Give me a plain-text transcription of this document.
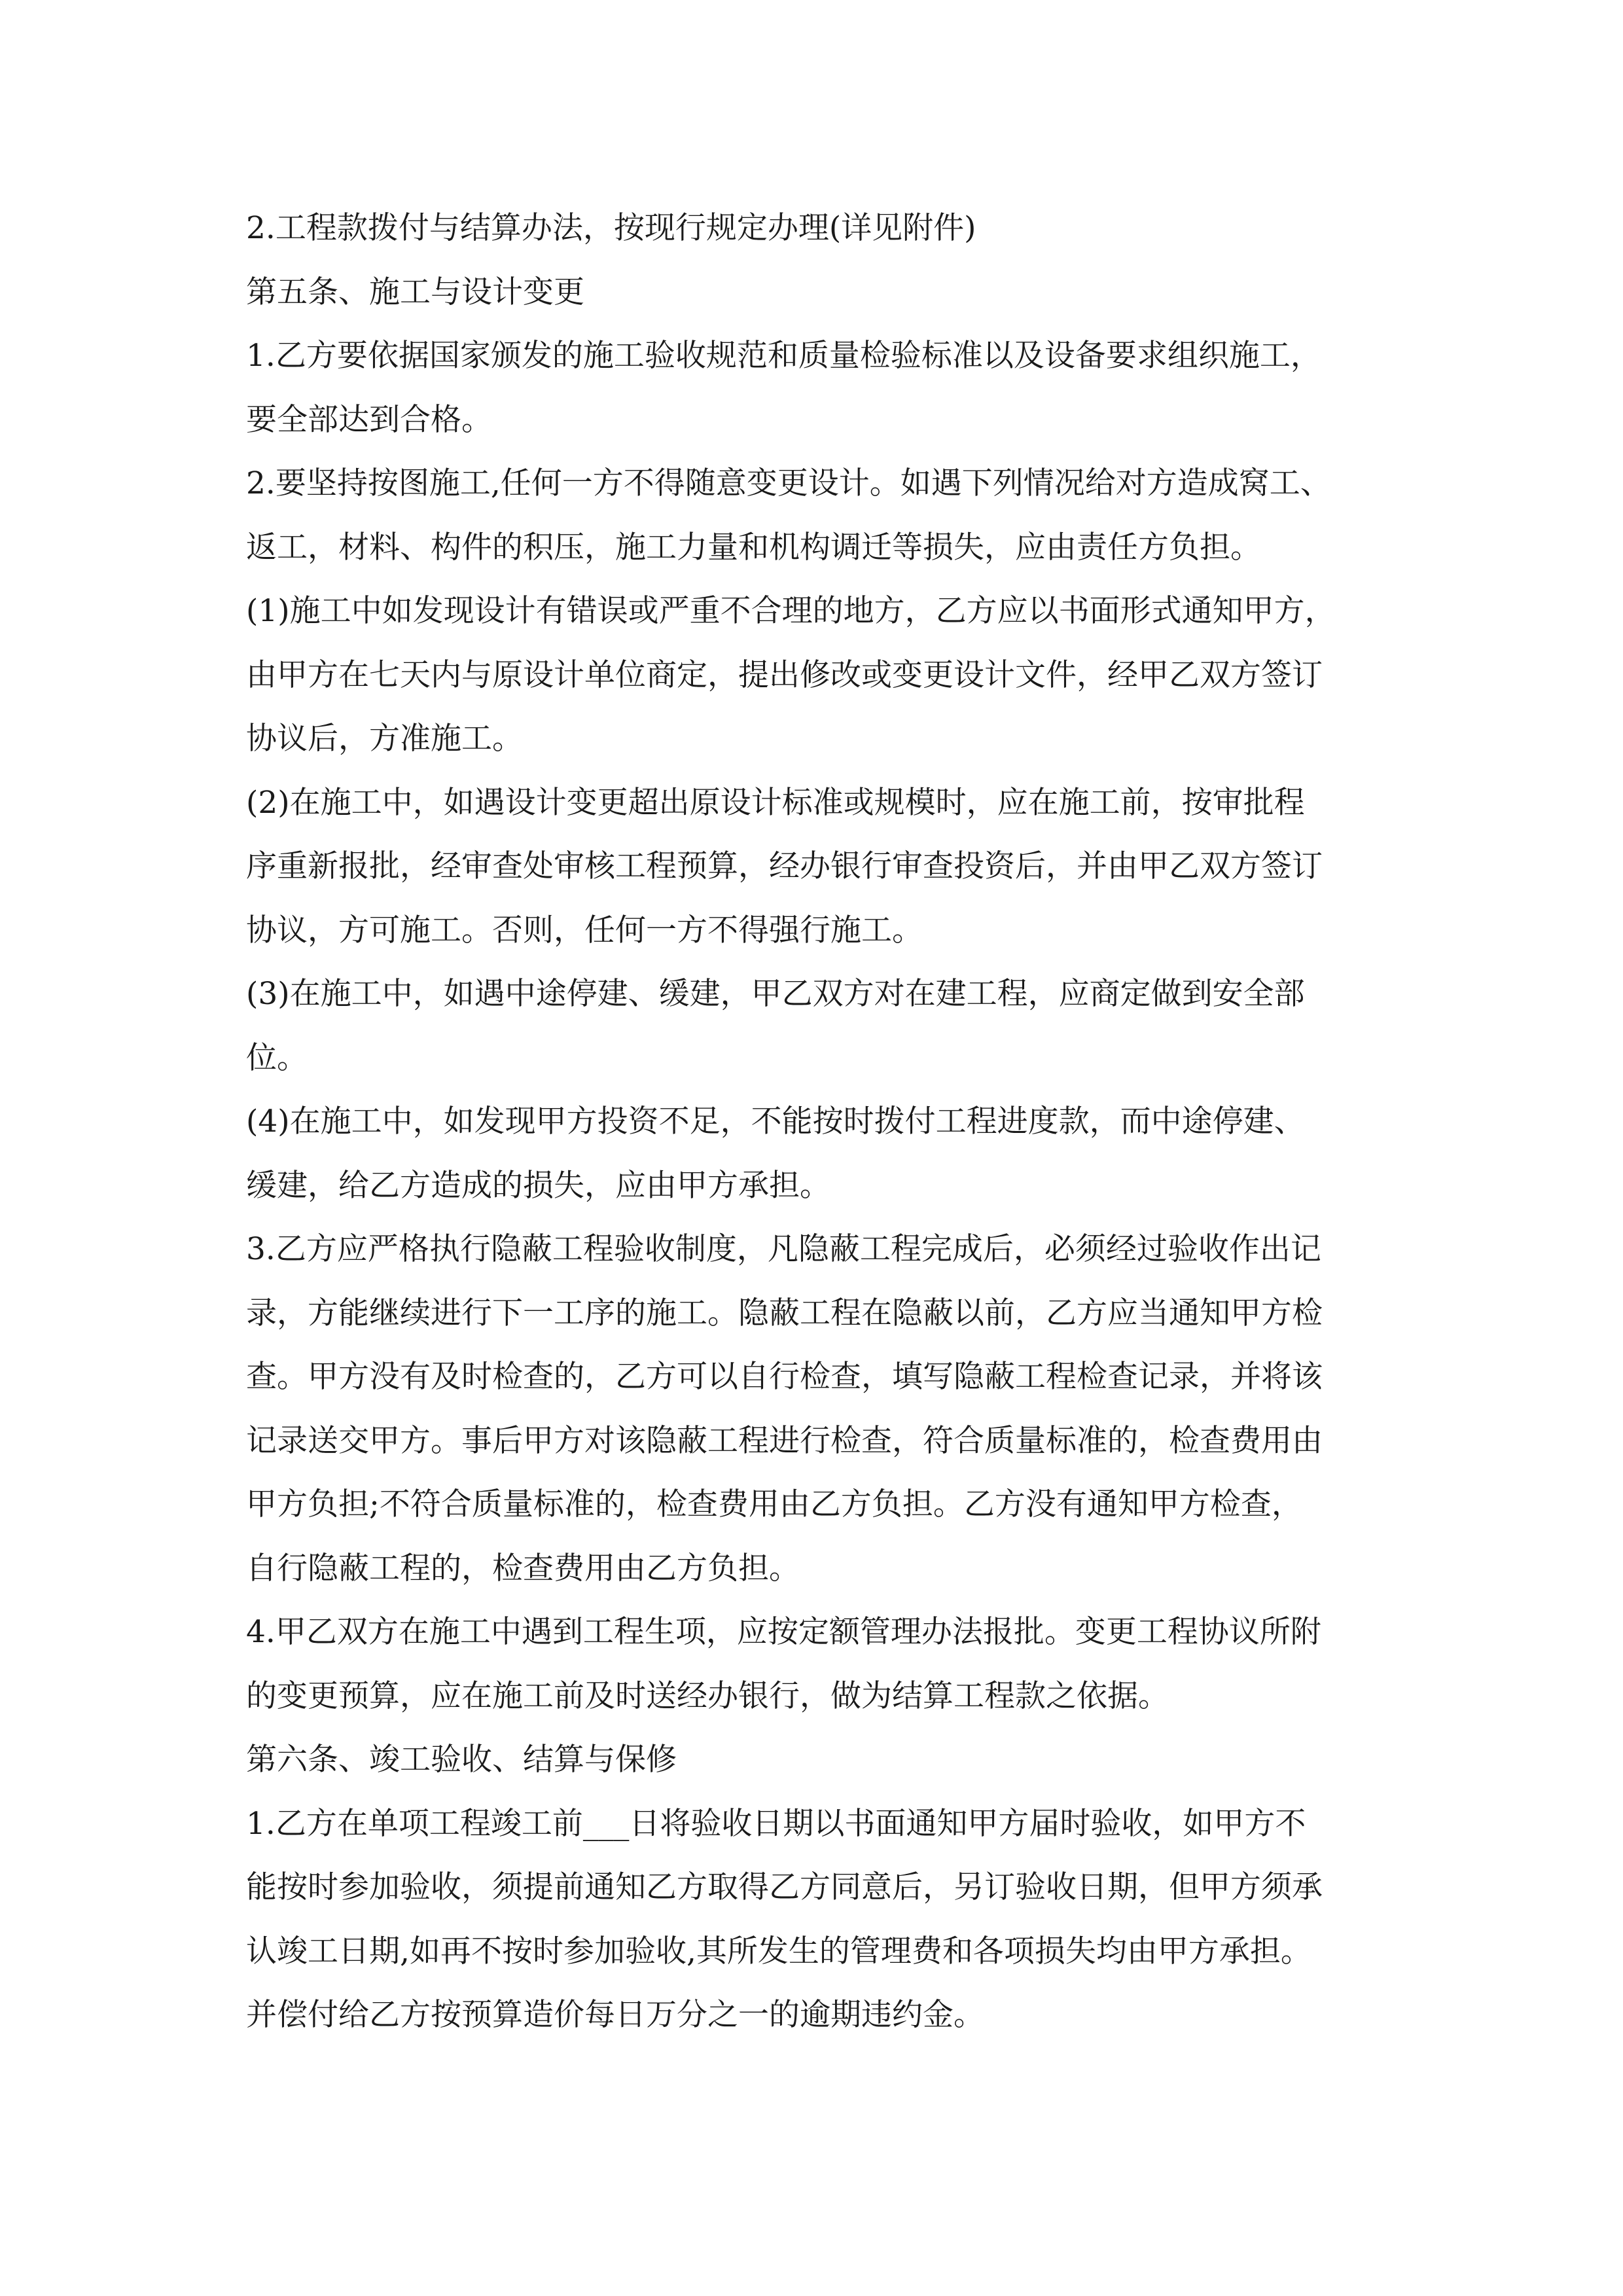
2.工程款拨付与结算办法，按现行规定办理(详见附件)
第五条、施工与设计变更
1.乙方要依据国家颁发的施工验收规范和质量检验标准以及设备要求组织施工，
要全部达到合格。
2.要坚持按图施工,任何一方不得随意变更设计。如遇下列情况给对方造成窝工、
返工，材料、构件的积压，施工力量和机构调迁等损失，应由责任方负担。
(1)施工中如发现设计有错误或严重不合理的地方，乙方应以书面形式通知甲方，
由甲方在七天内与原设计单位商定，提出修改或变更设计文件，经甲乙双方签订
协议后，方准施工。
(2)在施工中，如遇设计变更超出原设计标准或规模时，应在施工前，按审批程
序重新报批，经审查处审核工程预算，经办银行审查投资后，并由甲乙双方签订
协议，方可施工。否则，任何一方不得强行施工。
(3)在施工中，如遇中途停建、缓建，甲乙双方对在建工程，应商定做到安全部
位。
(4)在施工中，如发现甲方投资不足，不能按时拨付工程进度款，而中途停建、
缓建，给乙方造成的损失，应由甲方承担。
3.乙方应严格执行隐蔽工程验收制度，凡隐蔽工程完成后，必须经过验收作出记
录，方能继续进行下一工序的施工。隐蔽工程在隐蔽以前，乙方应当通知甲方检
查。甲方没有及时检查的，乙方可以自行检查，填写隐蔽工程检查记录，并将该
记录送交甲方。事后甲方对该隐蔽工程进行检查，符合质量标准的，检查费用由
甲方负担;不符合质量标准的，检查费用由乙方负担。乙方没有通知甲方检查，
自行隐蔽工程的，检查费用由乙方负担。
4.甲乙双方在施工中遇到工程生项，应按定额管理办法报批。变更工程协议所附
的变更预算，应在施工前及时送经办银行，做为结算工程款之依据。
第六条、竣工验收、结算与保修
1.乙方在单项工程竣工前___日将验收日期以书面通知甲方届时验收，如甲方不
能按时参加验收，须提前通知乙方取得乙方同意后，另订验收日期，但甲方须承
认竣工日期,如再不按时参加验收,其所发生的管理费和各项损失均由甲方承担。
并偿付给乙方按预算造价每日万分之一的逾期违约金。
